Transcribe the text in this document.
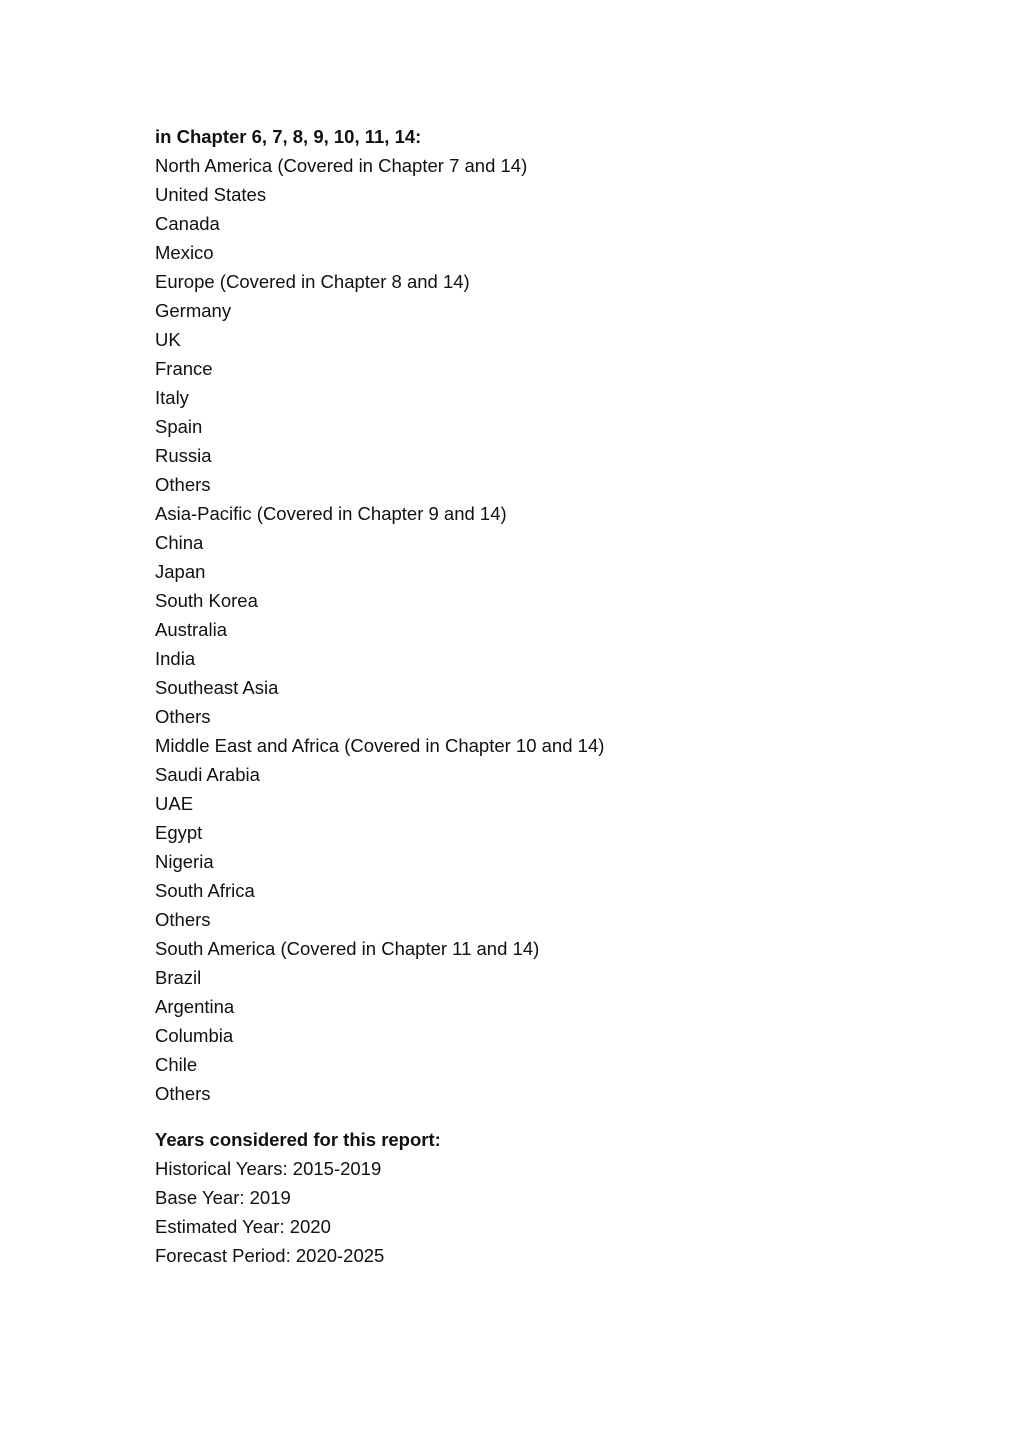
in Chapter 6, 7, 8, 9, 10, 11, 14:
North America (Covered in Chapter 7 and 14)
United States
Canada
Mexico
Europe (Covered in Chapter 8 and 14)
Germany
UK
France
Italy
Spain
Russia
Others
Asia-Pacific (Covered in Chapter 9 and 14)
China
Japan
South Korea
Australia
India
Southeast Asia
Others
Middle East and Africa (Covered in Chapter 10 and 14)
Saudi Arabia
UAE
Egypt
Nigeria
South Africa
Others
South America (Covered in Chapter 11 and 14)
Brazil
Argentina
Columbia
Chile
Others
Years considered for this report:
Historical Years: 2015-2019
Base Year: 2019
Estimated Year: 2020
Forecast Period: 2020-2025
